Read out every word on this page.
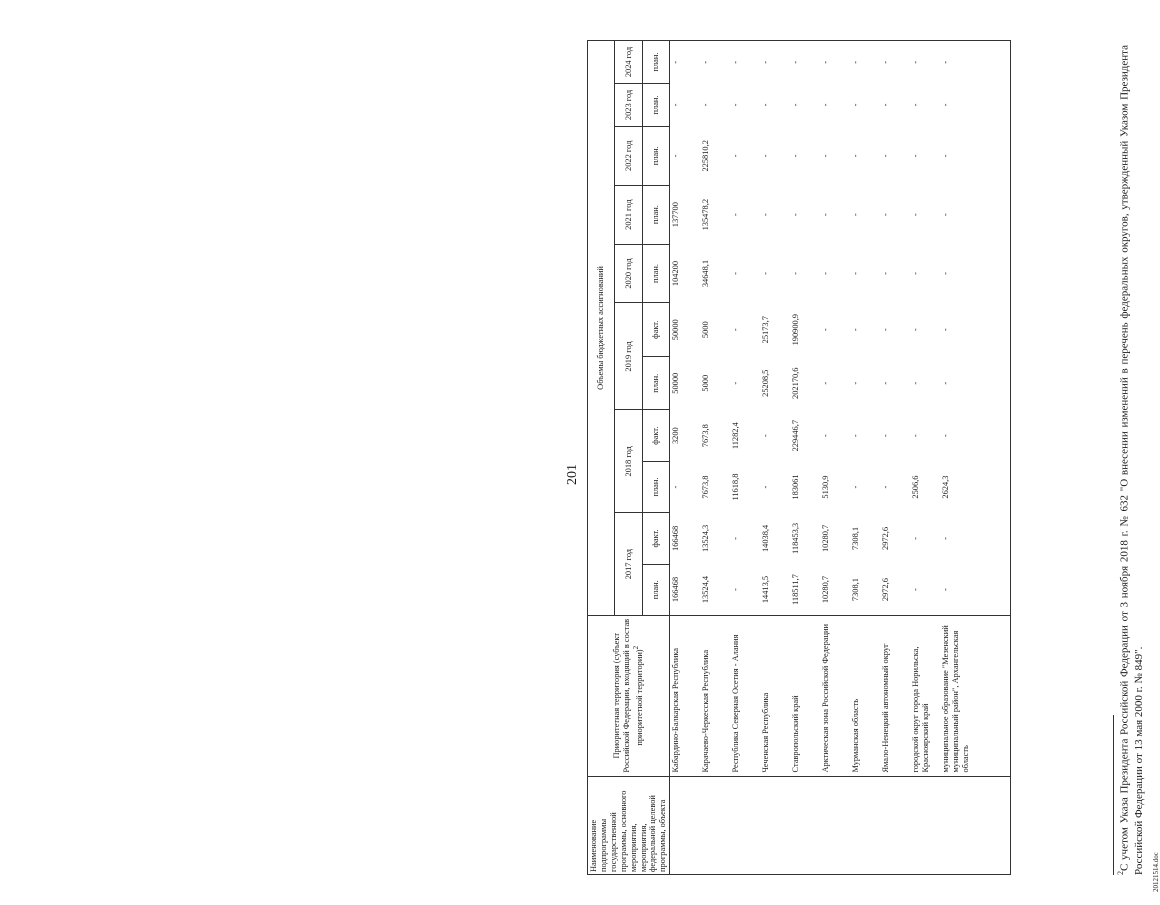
201
Наименование подпрограммы государственной программы, основного мероприятия, мероприятия, федеральной целевой программы, объекта	Приоритетная территория (субъект Российской Федерации, входящий в состав приоритетной территории)$^2$	Объемы бюджетных ассигнований										
		2017 год		2018 год		2019 год		2020 год	2021 год	2022 год	2023 год	2024 год
		план.	факт.	план.	факт.	план.	факт.	план.	план.	план.	план.	план.
	Кабардино-Балкарская Республика	166468	166468	-	3200	50000	50000	104200	137700	-	-	-
	Карачаево-Черкесская Республика	13524,4	13524,3	7673,8	7673,8	5000	5000	34648,1	135478,2	225810,2	-	-
	Республика Северная Осетия - Алания	-	-	11618,8	11282,4	-	-	-	-	-	-	-
	Чеченская Республика	14413,5	14038,4	-	-	25208,5	25173,7	-	-	-	-	-
	Ставропольский край	118511,7	118453,3	183061	229446,7	202170,6	190900,9	-	-	-	-	-
	Арктическая зона Российской Федерации	10280,7	10280,7	5130,9	-	-	-	-	-	-	-	-
	Мурманская область	7308,1	7308,1	-	-	-	-	-	-	-	-	-
	Ямало-Ненецкий автономный округ	2972,6	2972,6	-	-	-	-	-	-	-	-	-
	городской округ города Норильска, Красноярский край	-	-	2506,6	-	-	-	-	-	-	-	-
	муниципальное образование "Мезенский муниципальный район", Архангельская область	-	-	2624,3	-	-	-	-	-	-	-	-
$^2$С учетом Указа Президента Российской Федерации от 3 ноября 2018 г. № 632 "О внесении изменений в перечень федеральных округов, утвержденный Указом Президента Российской Федерации от 13 мая 2000 г. № 849". 20121514.doc
